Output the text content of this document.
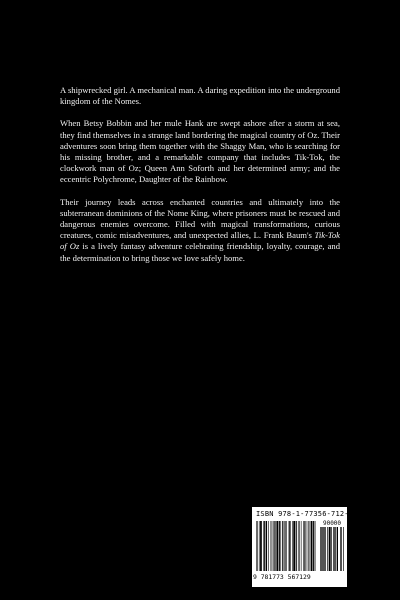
A shipwrecked girl. A mechanical man. A daring expedition into the underground kingdom of the Nomes.

When Betsy Bobbin and her mule Hank are swept ashore after a storm at sea, they find themselves in a strange land bordering the magical country of Oz. Their adventures soon bring them together with the Shaggy Man, who is searching for his missing brother, and a remarkable company that includes Tik-Tok, the clockwork man of Oz; Queen Ann Soforth and her determined army; and the eccentric Polychrome, Daughter of the Rainbow.

Their journey leads across enchanted countries and ultimately into the subterranean dominions of the Nome King, where prisoners must be rescued and dangerous enemies overcome. Filled with magical transformations, curious creatures, comic misadventures, and unexpected allies, L. Frank Baum's Tik-Tok of Oz is a lively fantasy adventure celebrating friendship, loyalty, courage, and the determination to bring those we love safely home.

ISBN 978-1-77356-712-9
90000
9 781773 567129
